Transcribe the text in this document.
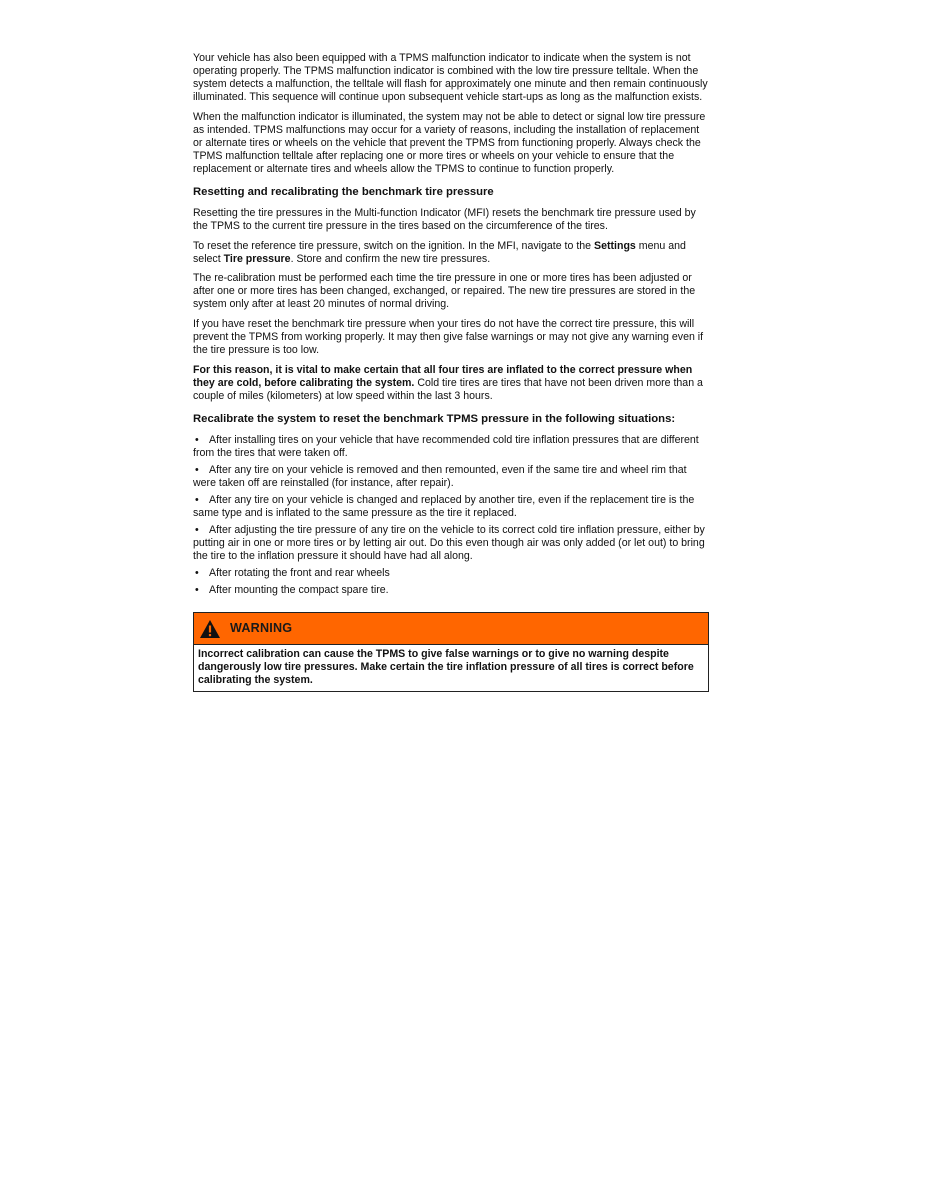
Your vehicle has also been equipped with a TPMS malfunction indicator to indicate when the system is not operating properly. The TPMS malfunction indicator is combined with the low tire pressure telltale. When the system detects a malfunction, the telltale will flash for approximately one minute and then remain continuously illuminated. This sequence will continue upon subsequent vehicle start-ups as long as the malfunction exists.

When the malfunction indicator is illuminated, the system may not be able to detect or signal low tire pressure as intended. TPMS malfunctions may occur for a variety of reasons, including the installation of replacement or alternate tires or wheels on the vehicle that prevent the TPMS from functioning properly. Always check the TPMS malfunction telltale after replacing one or more tires or wheels on your vehicle to ensure that the replacement or alternate tires and wheels allow the TPMS to continue to function properly.

Resetting and recalibrating the benchmark tire pressure

Resetting the tire pressures in the Multi-function Indicator (MFI) resets the benchmark tire pressure used by the TPMS to the current tire pressure in the tires based on the circumference of the tires.

To reset the reference tire pressure, switch on the ignition. In the MFI, navigate to the Settings menu and select Tire pressure. Store and confirm the new tire pressures.

The re-calibration must be performed each time the tire pressure in one or more tires has been adjusted or after one or more tires has been changed, exchanged, or repaired. The new tire pressures are stored in the system only after at least 20 minutes of normal driving.

If you have reset the benchmark tire pressure when your tires do not have the correct tire pressure, this will prevent the TPMS from working properly. It may then give false warnings or may not give any warning even if the tire pressure is too low.

For this reason, it is vital to make certain that all four tires are inflated to the correct pressure when they are cold, before calibrating the system. Cold tire tires are tires that have not been driven more than a couple of miles (kilometers) at low speed within the last 3 hours.

Recalibrate the system to reset the benchmark TPMS pressure in the following situations:
• After installing tires on your vehicle that have recommended cold tire inflation pressures that are different from the tires that were taken off.
• After any tire on your vehicle is removed and then remounted, even if the same tire and wheel rim that were taken off are reinstalled (for instance, after repair).
• After any tire on your vehicle is changed and replaced by another tire, even if the replacement tire is the same type and is inflated to the same pressure as the tire it replaced.
• After adjusting the tire pressure of any tire on the vehicle to its correct cold tire inflation pressure, either by putting air in one or more tires or by letting air out. Do this even though air was only added (or let out) to bring the tire to the inflation pressure it should have had all along.
• After rotating the front and rear wheels
• After mounting the compact spare tire.
WARNING
Incorrect calibration can cause the TPMS to give false warnings or to give no warning despite dangerously low tire pressures. Make certain the tire inflation pressure of all tires is correct before calibrating the system.
